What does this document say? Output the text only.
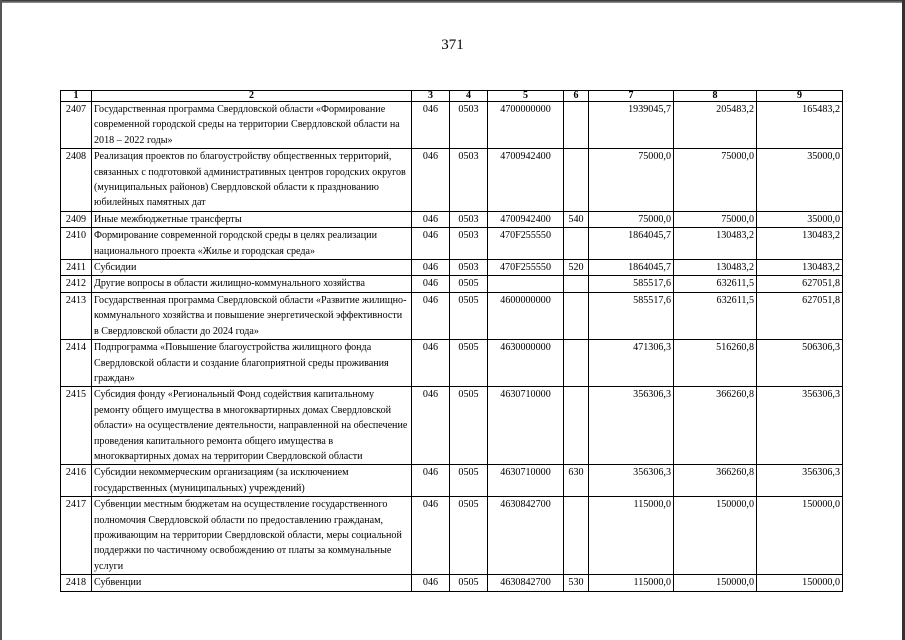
371
1	2	3	4	5	6	7	8	9
2407	Государственная программа Свердловской области «Формирование современной городской среды на территории Свердловской области на 2018 – 2022 годы»	046	0503	4700000000		1939045,7	205483,2	165483,2
2408	Реализация проектов по благоустройству общественных территорий, связанных с подготовкой административных центров городских округов (муниципальных районов) Свердловской области к празднованию юбилейных памятных дат	046	0503	4700942400		75000,0	75000,0	35000,0
2409	Иные межбюджетные трансферты	046	0503	4700942400	540	75000,0	75000,0	35000,0
2410	Формирование современной городской среды в целях реализации национального проекта «Жилье и городская среда»	046	0503	470F255550		1864045,7	130483,2	130483,2
2411	Субсидии	046	0503	470F255550	520	1864045,7	130483,2	130483,2
2412	Другие вопросы в области жилищно-коммунального хозяйства	046	0505			585517,6	632611,5	627051,8
2413	Государственная программа Свердловской области «Развитие жилищно-коммунального хозяйства и повышение энергетической эффективности в Свердловской области до 2024 года»	046	0505	4600000000		585517,6	632611,5	627051,8
2414	Подпрограмма «Повышение благоустройства жилищного фонда Свердловской области и создание благоприятной среды проживания граждан»	046	0505	4630000000		471306,3	516260,8	506306,3
2415	Субсидия фонду «Региональный Фонд содействия капитальному ремонту общего имущества в многоквартирных домах Свердловской области» на осуществление деятельности, направленной на обеспечение проведения капитального ремонта общего имущества в многоквартирных домах на территории Свердловской области	046	0505	4630710000		356306,3	366260,8	356306,3
2416	Субсидии некоммерческим организациям (за исключением государственных (муниципальных) учреждений)	046	0505	4630710000	630	356306,3	366260,8	356306,3
2417	Субвенции местным бюджетам на осуществление государственного полномочия Свердловской области по предоставлению гражданам, проживающим на территории Свердловской области, меры социальной поддержки по частичному освобождению от платы за коммунальные услуги	046	0505	4630842700		115000,0	150000,0	150000,0
2418	Субвенции	046	0505	4630842700	530	115000,0	150000,0	150000,0
